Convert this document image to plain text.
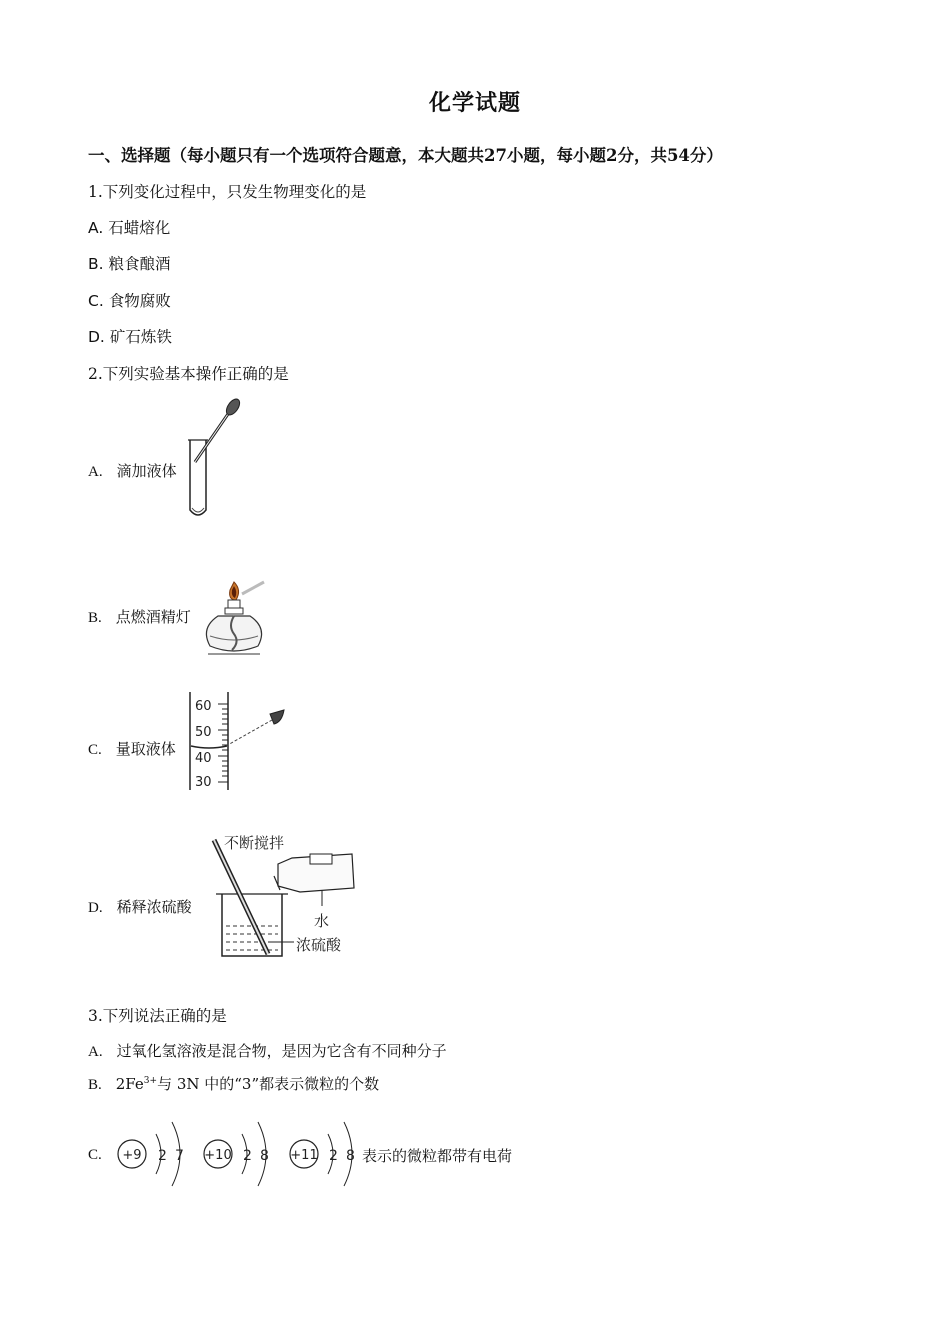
化学试题
一、选择题（每小题只有一个选项符合题意，本大题共27小题，每小题2分，共54分）
1.下列变化过程中，只发生物理变化的是
A. 石蜡熔化
B. 粮食酿酒
C. 食物腐败
D. 矿石炼铁
2.下列实验基本操作正确的是
A. 滴加液体
B. 点燃酒精灯
C. 量取液体
60
50
40
30
D. 稀释浓硫酸
不断搅拌
水
浓硫酸
3.下列说法正确的是
A. 过氧化氢溶液是混合物，是因为它含有不同种分子
B. $2Fe^{3+}$与 3N 中的“3”都表示微粒的个数
C.	+9 2 7 +10 2 8 +11 2 8 表示的微粒都带有电荷
